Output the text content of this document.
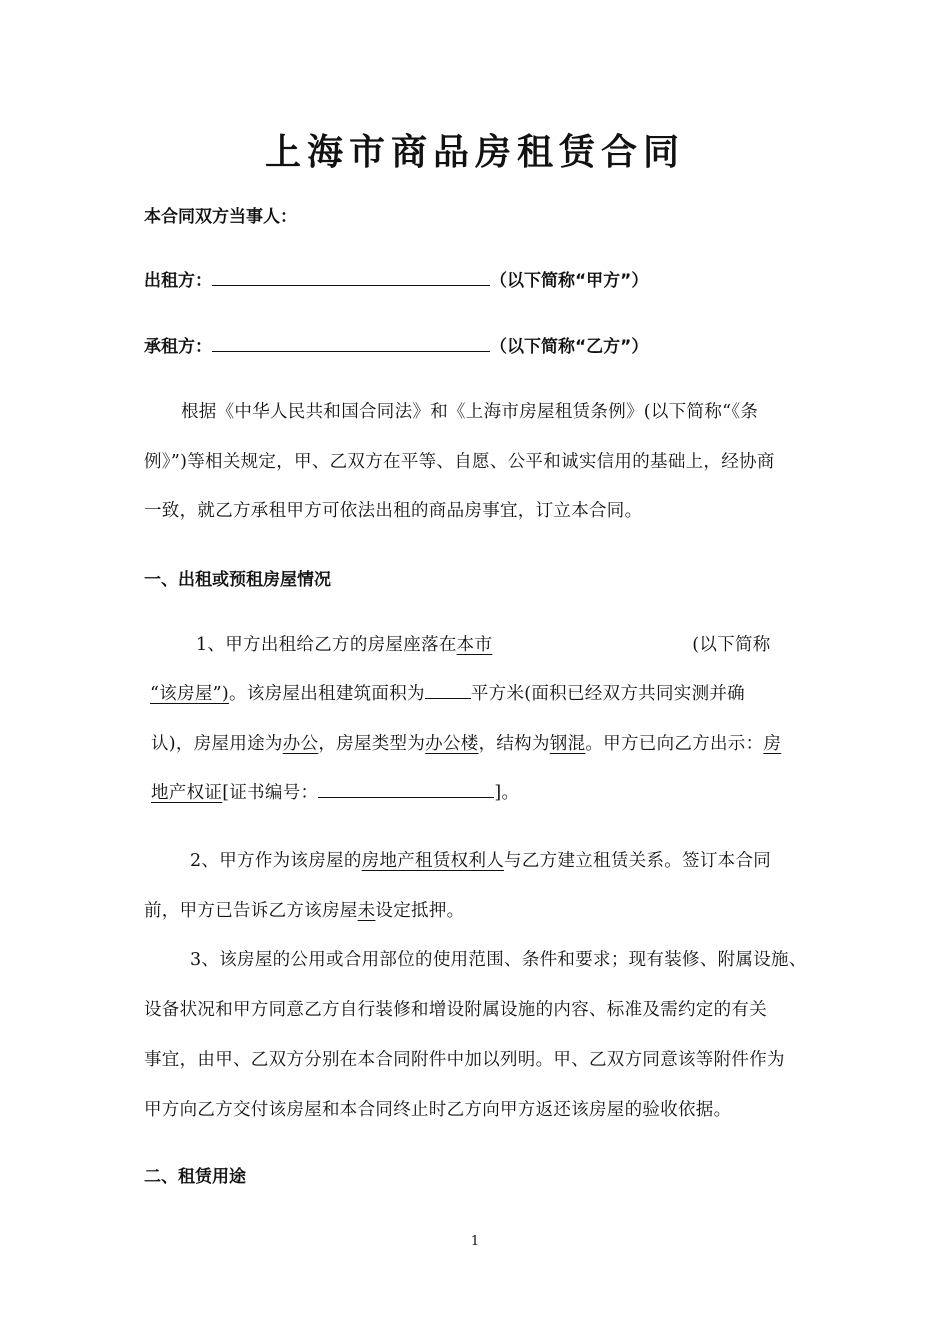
上海市商品房租赁合同
本合同双方当事人：
出租方：	（以下简称“甲方”）
承租方：	（以下简称“乙方”）
根据《中华人民共和国合同法》和《上海市房屋租赁条例》(以下简称“《条
例》”)等相关规定，甲、乙双方在平等、自愿、公平和诚实信用的基础上，经协商
一致，就乙方承租甲方可依法出租的商品房事宜，订立本合同。
一、出租或预租房屋情况
1、甲方出租给乙方的房屋座落在本市	(以下简称
“该房屋”)。该房屋出租建筑面积为	平方米(面积已经双方共同实测并确
认)，房屋用途为办公，房屋类型为办公楼，结构为钢混。甲方已向乙方出示：房
地产权证[证书编号：	]。
2、甲方作为该房屋的房地产租赁权利人与乙方建立租赁关系。签订本合同
前，甲方已告诉乙方该房屋未设定抵押。
3、该房屋的公用或合用部位的使用范围、条件和要求；现有装修、附属设施、
设备状况和甲方同意乙方自行装修和增设附属设施的内容、标准及需约定的有关
事宜，由甲、乙双方分别在本合同附件中加以列明。甲、乙双方同意该等附件作为
甲方向乙方交付该房屋和本合同终止时乙方向甲方返还该房屋的验收依据。
二、租赁用途
1
